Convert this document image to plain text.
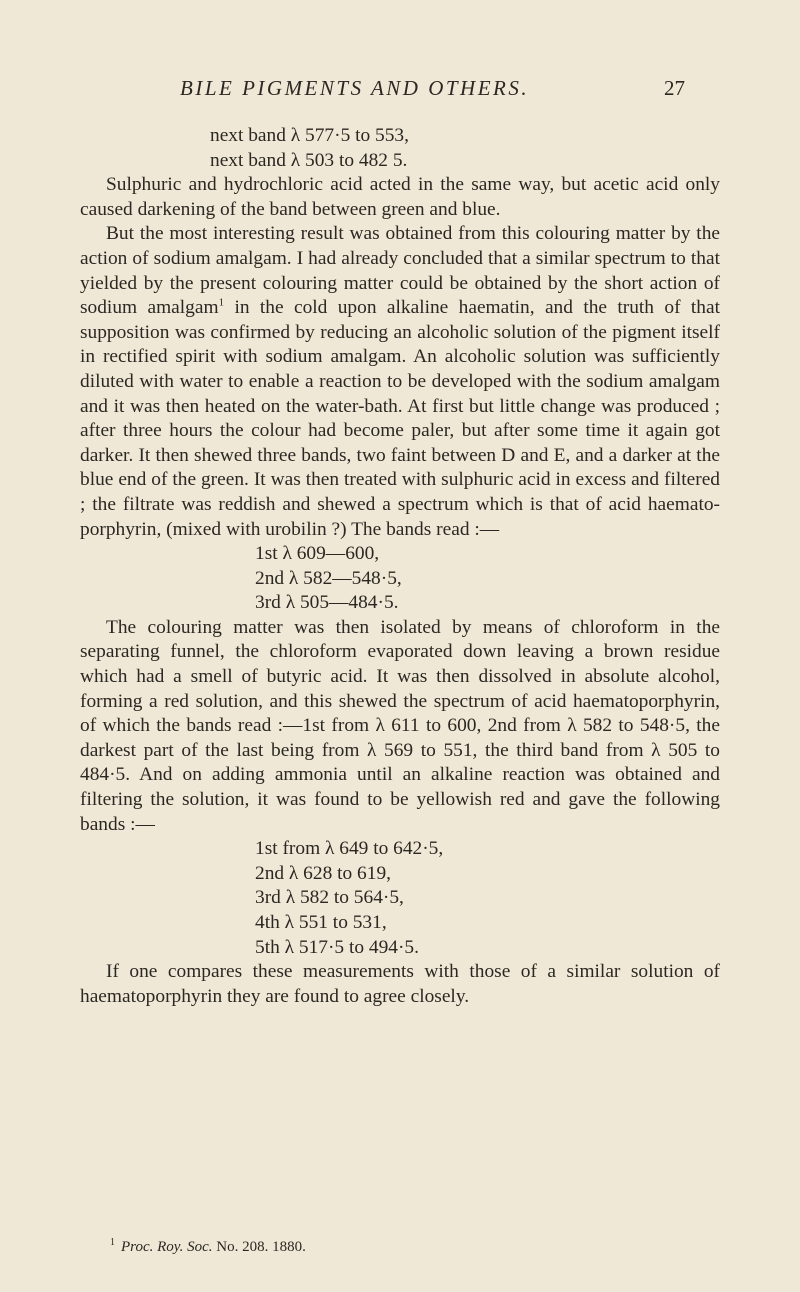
BILE PIGMENTS AND OTHERS.	27
next band λ 577·5 to 553,
next band λ 503 to 482 5.

Sulphuric and hydrochloric acid acted in the same way, but acetic acid only caused darkening of the band between green and blue.

But the most interesting result was obtained from this colouring matter by the action of sodium amalgam. I had already concluded that a similar spectrum to that yielded by the present colouring matter could be obtained by the short action of sodium amalgam$^1$ in the cold upon alkaline haematin, and the truth of that supposition was confirmed by reducing an alcoholic solution of the pigment itself in rectified spirit with sodium amalgam. An alcoholic solution was sufficiently diluted with water to enable a reaction to be developed with the sodium amalgam and it was then heated on the water-bath. At first but little change was produced ; after three hours the colour had become paler, but after some time it again got darker. It then shewed three bands, two faint between D and E, and a darker at the blue end of the green. It was then treated with sulphuric acid in excess and filtered ; the filtrate was reddish and shewed a spectrum which is that of acid haemato-porphyrin, (mixed with urobilin ?) The bands read :—

1st λ 609—600,
2nd λ 582—548·5,
3rd λ 505—484·5.

The colouring matter was then isolated by means of chloroform in the separating funnel, the chloroform evaporated down leaving a brown residue which had a smell of butyric acid. It was then dissolved in absolute alcohol, forming a red solution, and this shewed the spectrum of acid haematoporphyrin, of which the bands read :—1st from λ 611 to 600, 2nd from λ 582 to 548·5, the darkest part of the last being from λ 569 to 551, the third band from λ 505 to 484·5. And on adding ammonia until an alkaline reaction was obtained and filtering the solution, it was found to be yellowish red and gave the following bands :—

1st from λ 649 to 642·5,
2nd λ 628 to 619,
3rd λ 582 to 564·5,
4th λ 551 to 531,
5th λ 517·5 to 494·5.

If one compares these measurements with those of a similar solution of haematoporphyrin they are found to agree closely.

$^1$ Proc. Roy. Soc. No. 208. 1880.
